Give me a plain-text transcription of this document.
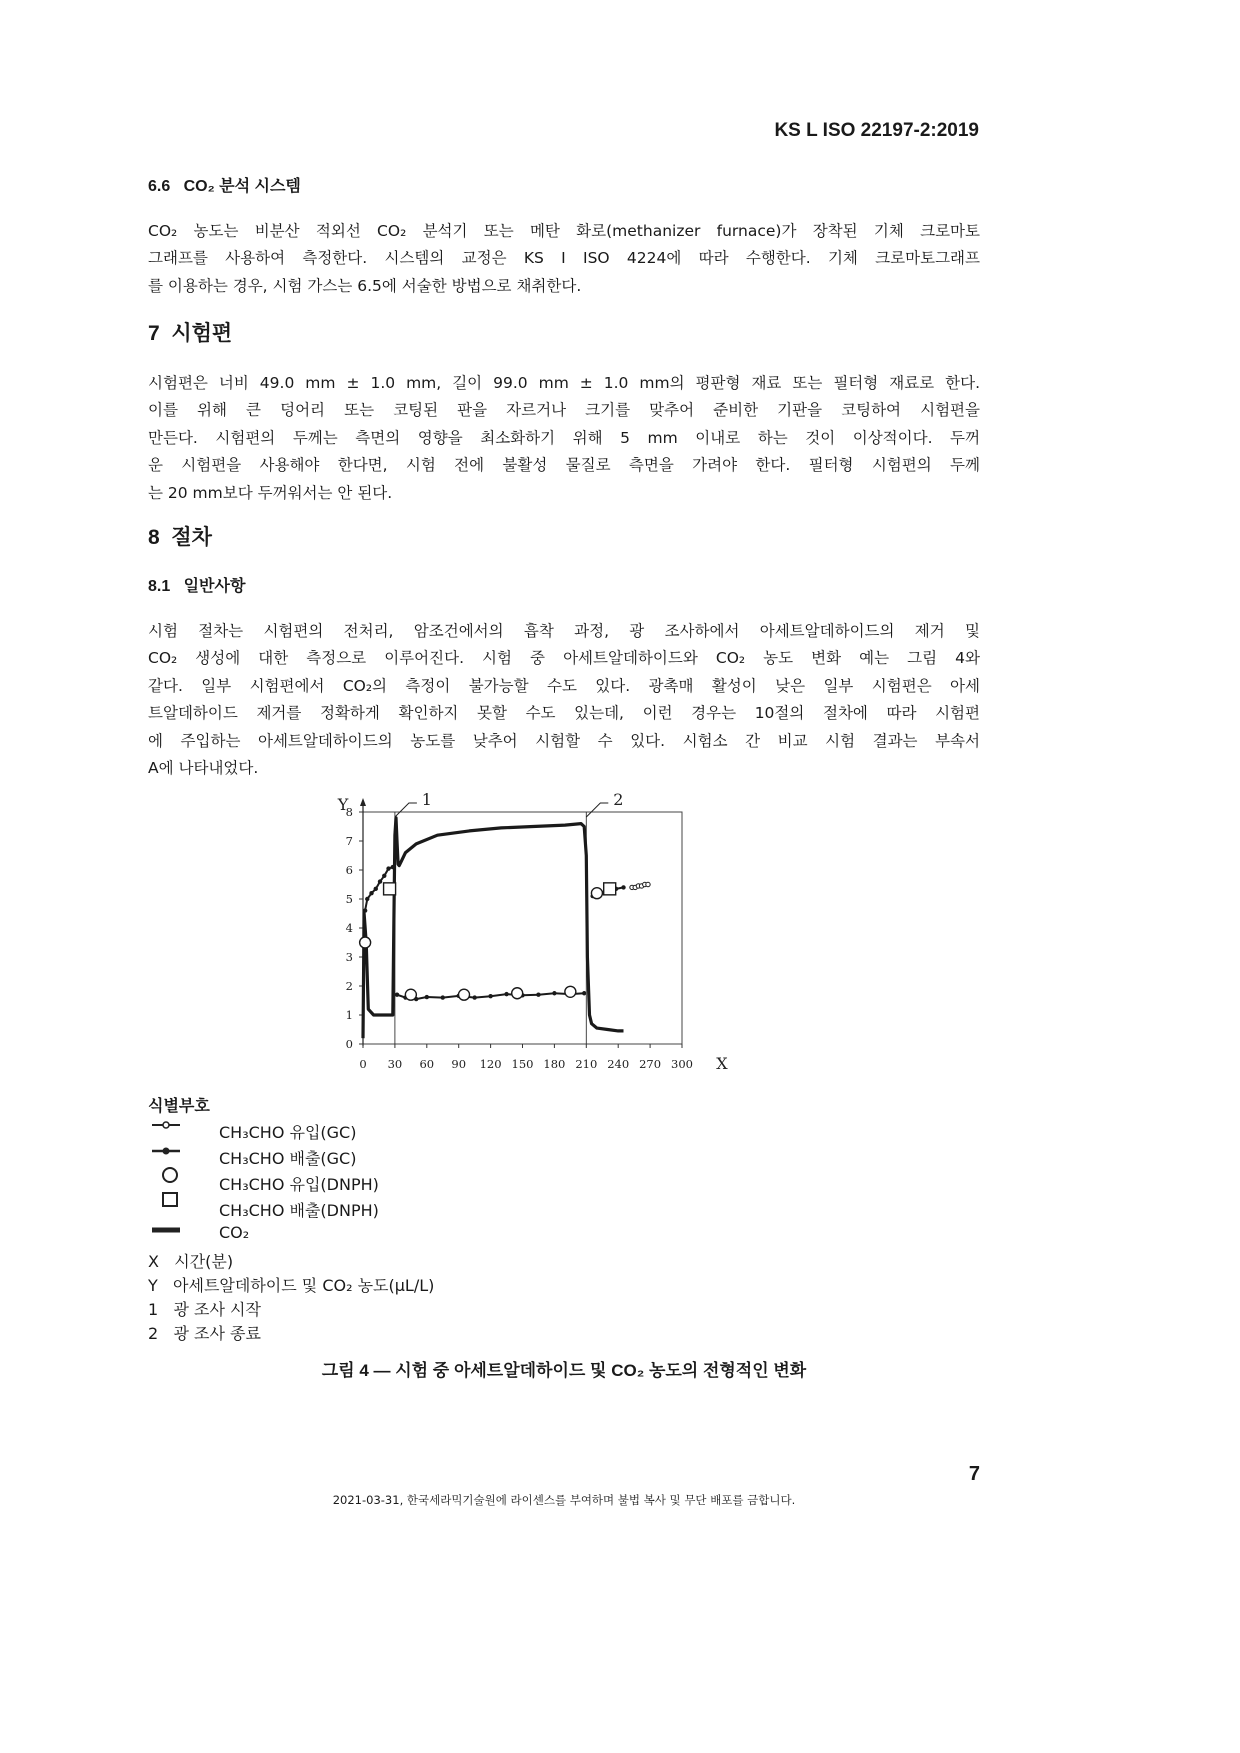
KS L ISO 22197-2:2019
6.6 CO₂ 분석 시스템
CO₂ 농도는 비분산 적외선 CO₂ 분석기 또는 메탄 화로(methanizer furnace)가 장착된 기체 크로마토
그래프를 사용하여 측정한다. 시스템의 교정은 KS I ISO 4224에 따라 수행한다. 기체 크로마토그래프
를 이용하는 경우, 시험 가스는 6.5에 서술한 방법으로 채취한다.
7 시험편
시험편은 너비 49.0 mm ± 1.0 mm, 길이 99.0 mm ± 1.0 mm의 평판형 재료 또는 필터형 재료로 한다.
이를 위해 큰 덩어리 또는 코팅된 판을 자르거나 크기를 맞추어 준비한 기판을 코팅하여 시험편을
만든다. 시험편의 두께는 측면의 영향을 최소화하기 위해 5 mm 이내로 하는 것이 이상적이다. 두꺼
운 시험편을 사용해야 한다면, 시험 전에 불활성 물질로 측면을 가려야 한다. 필터형 시험편의 두께
는 20 mm보다 두꺼워서는 안 된다.
8 절차
8.1 일반사항
시험 절차는 시험편의 전처리, 암조건에서의 흡착 과정, 광 조사하에서 아세트알데하이드의 제거 및
CO₂ 생성에 대한 측정으로 이루어진다. 시험 중 아세트알데하이드와 CO₂ 농도 변화 예는 그림 4와
같다. 일부 시험편에서 CO₂의 측정이 불가능할 수도 있다. 광촉매 활성이 낮은 일부 시험편은 아세
트알데하이드 제거를 정확하게 확인하지 못할 수도 있는데, 이런 경우는 10절의 절차에 따라 시험편
에 주입하는 아세트알데하이드의 농도를 낮추어 시험할 수 있다. 시험소 간 비교 시험 결과는 부속서
A에 나타내었다.
0
1
2
3
4
5
6
7
8
0 30 60 90 120 150 180 210 240 270 300
Y
X
1	2
식별부호
CH₃CHO 유입(GC)
CH₃CHO 배출(GC)
CH₃CHO 유입(DNPH)
CH₃CHO 배출(DNPH)
CO₂
X 시간(분)
Y 아세트알데하이드 및 CO₂ 농도(μL/L)
1 광 조사 시작
2 광 조사 종료
그림 4 — 시험 중 아세트알데하이드 및 CO₂ 농도의 전형적인 변화
7
2021-03-31, 한국세라믹기술원에 라이센스를 부여하며 불법 복사 및 무단 배포를 금합니다.
